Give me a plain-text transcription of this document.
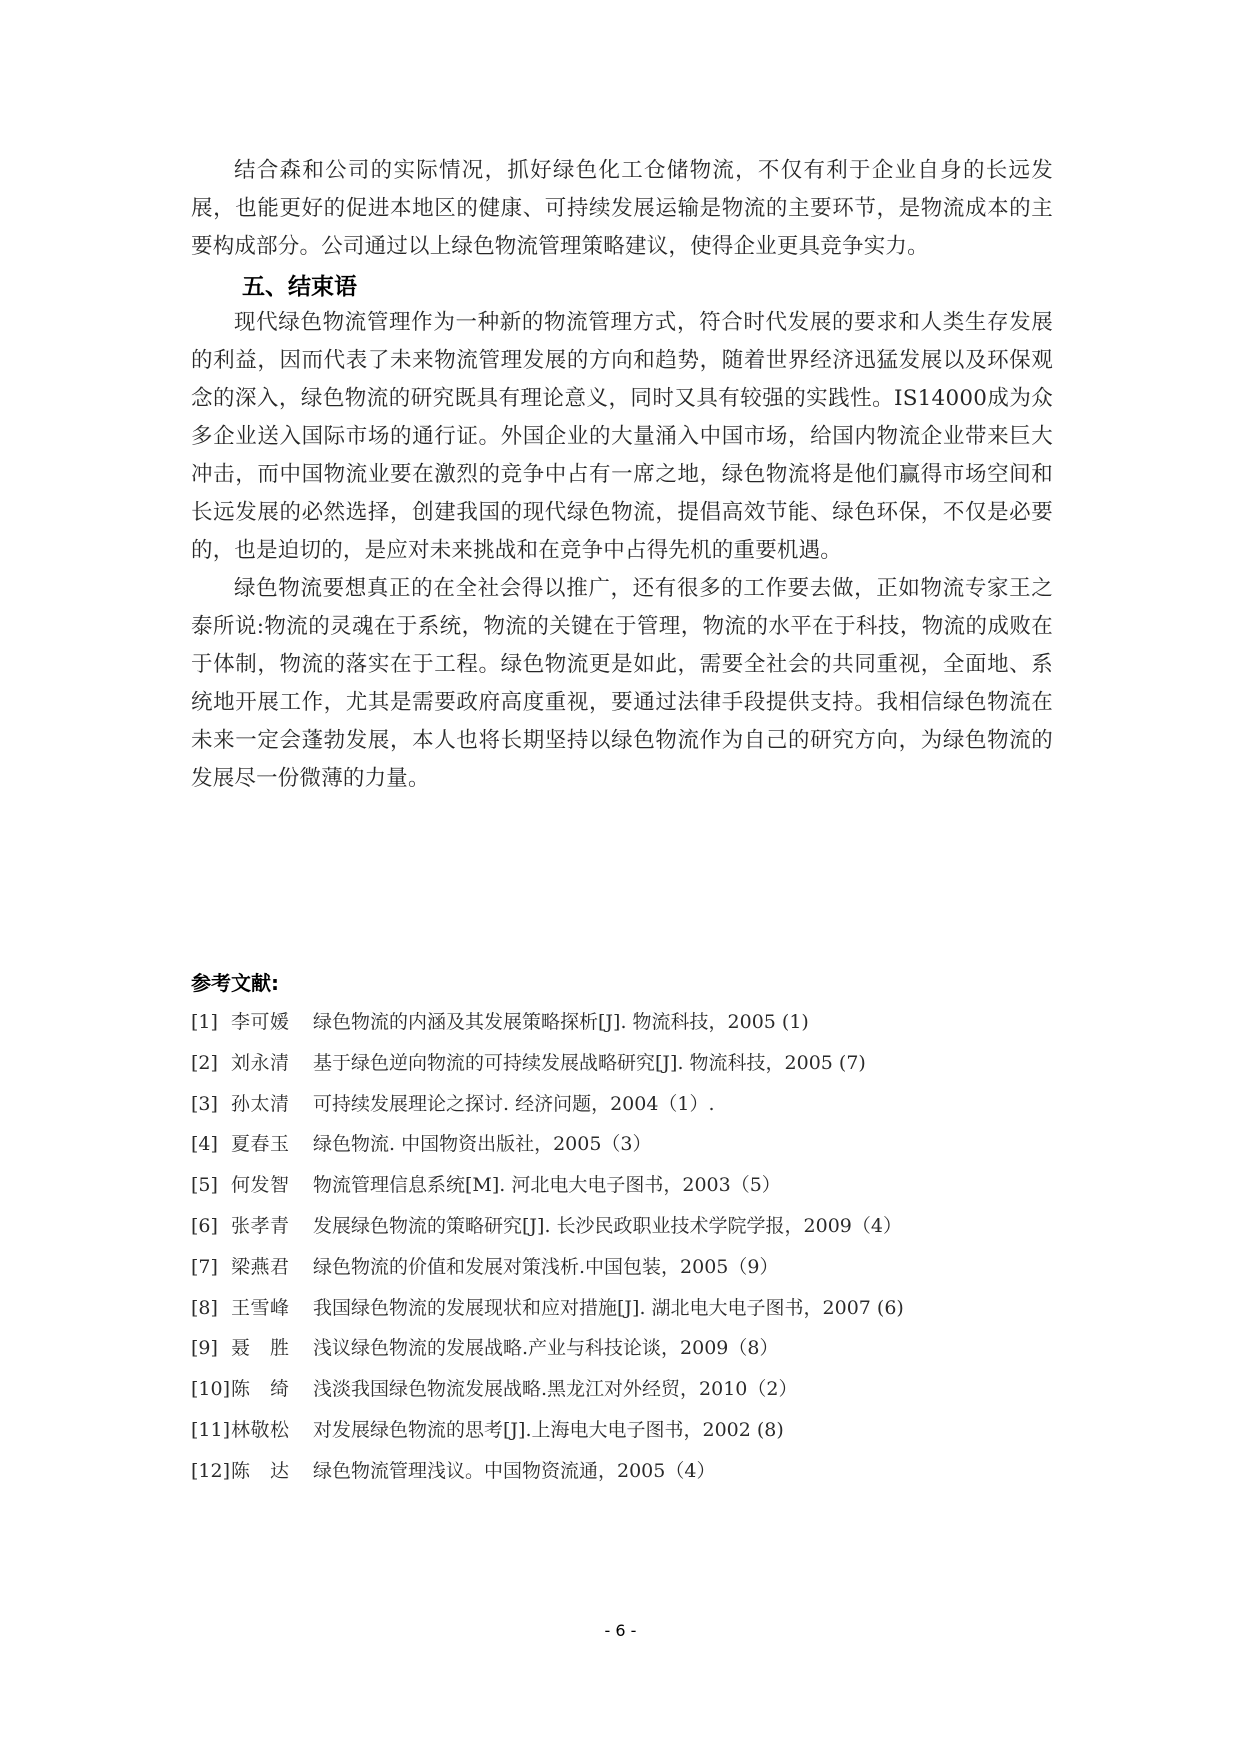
结合森和公司的实际情况，抓好绿色化工仓储物流，不仅有利于企业自身的长远发展，也能更好的促进本地区的健康、可持续发展运输是物流的主要环节，是物流成本的主要构成部分。公司通过以上绿色物流管理策略建议，使得企业更具竞争实力。

五、结束语

现代绿色物流管理作为一种新的物流管理方式，符合时代发展的要求和人类生存发展的利益，因而代表了未来物流管理发展的方向和趋势，随着世界经济迅猛发展以及环保观念的深入，绿色物流的研究既具有理论意义，同时又具有较强的实践性。IS14000成为众多企业送入国际市场的通行证。外国企业的大量涌入中国市场，给国内物流企业带来巨大冲击，而中国物流业要在激烈的竞争中占有一席之地，绿色物流将是他们赢得市场空间和长远发展的必然选择，创建我国的现代绿色物流，提倡高效节能、绿色环保，不仅是必要的，也是迫切的，是应对未来挑战和在竞争中占得先机的重要机遇。

绿色物流要想真正的在全社会得以推广，还有很多的工作要去做，正如物流专家王之泰所说:物流的灵魂在于系统，物流的关键在于管理，物流的水平在于科技，物流的成败在于体制，物流的落实在于工程。绿色物流更是如此，需要全社会的共同重视，全面地、系统地开展工作，尤其是需要政府高度重视，要通过法律手段提供支持。我相信绿色物流在未来一定会蓬勃发展，本人也将长期坚持以绿色物流作为自己的研究方向，为绿色物流的发展尽一份微薄的力量。

参考文献:
[1] 李可媛	绿色物流的内涵及其发展策略探析[J]. 物流科技，2005 (1)
[2] 刘永清	基于绿色逆向物流的可持续发展战略研究[J]. 物流科技，2005 (7)
[3] 孙太清	可持续发展理论之探讨. 经济问题，2004（1）.
[4] 夏春玉	绿色物流. 中国物资出版社，2005（3）
[5] 何发智	物流管理信息系统[M]. 河北电大电子图书，2003（5）
[6] 张孝青	发展绿色物流的策略研究[J]. 长沙民政职业技术学院学报，2009（4）
[7] 梁燕君	绿色物流的价值和发展对策浅析.中国包装，2005（9）
[8] 王雪峰	我国绿色物流的发展现状和应对措施[J]. 湖北电大电子图书，2007 (6)
[9] 聂　胜	浅议绿色物流的发展战略.产业与科技论谈，2009（8）
[10] 陈　绮	浅淡我国绿色物流发展战略.黑龙江对外经贸，2010（2）
[11] 林敬松	对发展绿色物流的思考[J].上海电大电子图书，2002 (8)
[12] 陈　达	绿色物流管理浅议。中国物资流通，2005（4）
- 6 -
